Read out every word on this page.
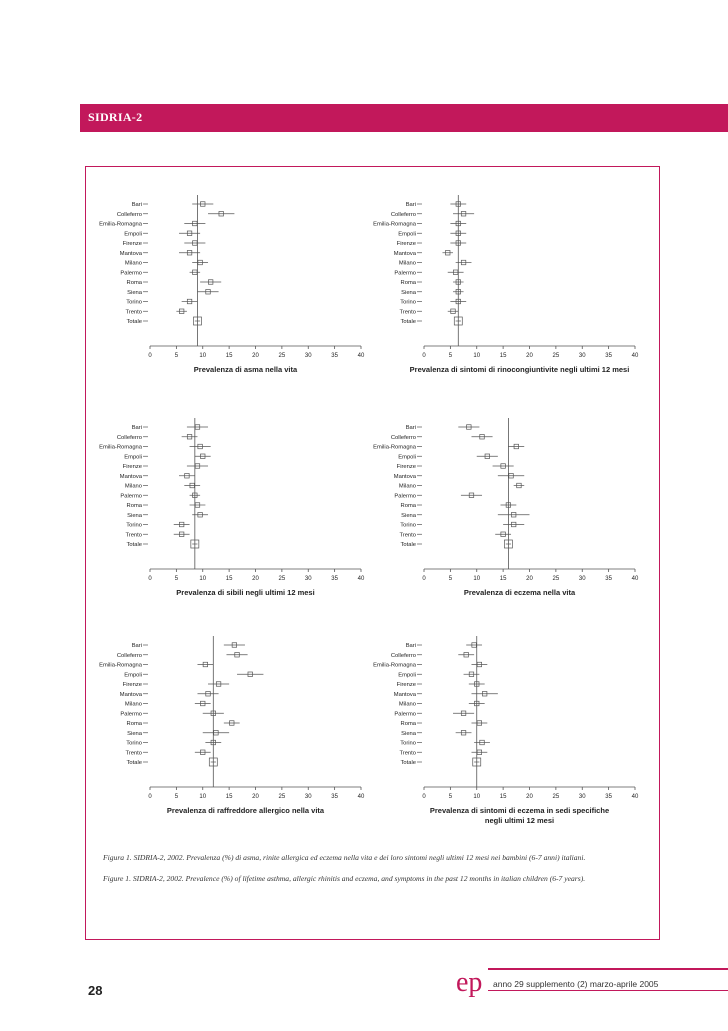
SIDRIA-2
0	5	10	15	20	25	30	35	40
Bari
Colleferro
Emilia-Romagna
Empoli
Firenze
Mantova
Milano
Palermo
Roma
Siena
Torino
Trento
Totale
Prevalenza di asma nella vita
0	5	10	15	20	25	30	35	40
Bari
Colleferro
Emilia-Romagna
Empoli
Firenze
Mantova
Milano
Palermo
Roma
Siena
Torino
Trento
Totale
Prevalenza di sintomi di rinocongiuntivite negli ultimi 12 mesi
0	5	10	15	20	25	30	35	40
Bari
Colleferro
Emilia-Romagna
Empoli
Firenze
Mantova
Milano
Palermo
Roma
Siena
Torino
Trento
Totale
Prevalenza di sibili negli ultimi 12 mesi
0	5	10	15	20	25	30	35	40
Bari
Colleferro
Emilia-Romagna
Empoli
Firenze
Mantova
Milano
Palermo
Roma
Siena
Torino
Trento
Totale
Prevalenza di eczema nella vita
0	5	10	15	20	25	30	35	40
Bari
Colleferro
Emilia-Romagna
Empoli
Firenze
Mantova
Milano
Palermo
Roma
Siena
Torino
Trento
Totale
Prevalenza di raffreddore allergico nella vita
0	5	10	15	20	25	30	35	40
Bari
Colleferro
Emilia-Romagna
Empoli
Firenze
Mantova
Milano
Palermo
Roma
Siena
Torino
Trento
Totale
Prevalenza di sintomi di eczema in sedi specifiche
negli ultimi 12 mesi
Figura 1. SIDRIA-2, 2002. Prevalenza (%) di asma, rinite allergica ed eczema nella vita e dei loro sintomi negli ultimi 12 mesi nei bambini (6-7 anni) italiani.
Figure 1. SIDRIA-2, 2002. Prevalence (%) of lifetime asthma, allergic rhinitis and eczema, and symptoms in the past 12 months in italian children (6-7 years).
28	ep anno 29 supplemento (2) marzo-aprile 2005
